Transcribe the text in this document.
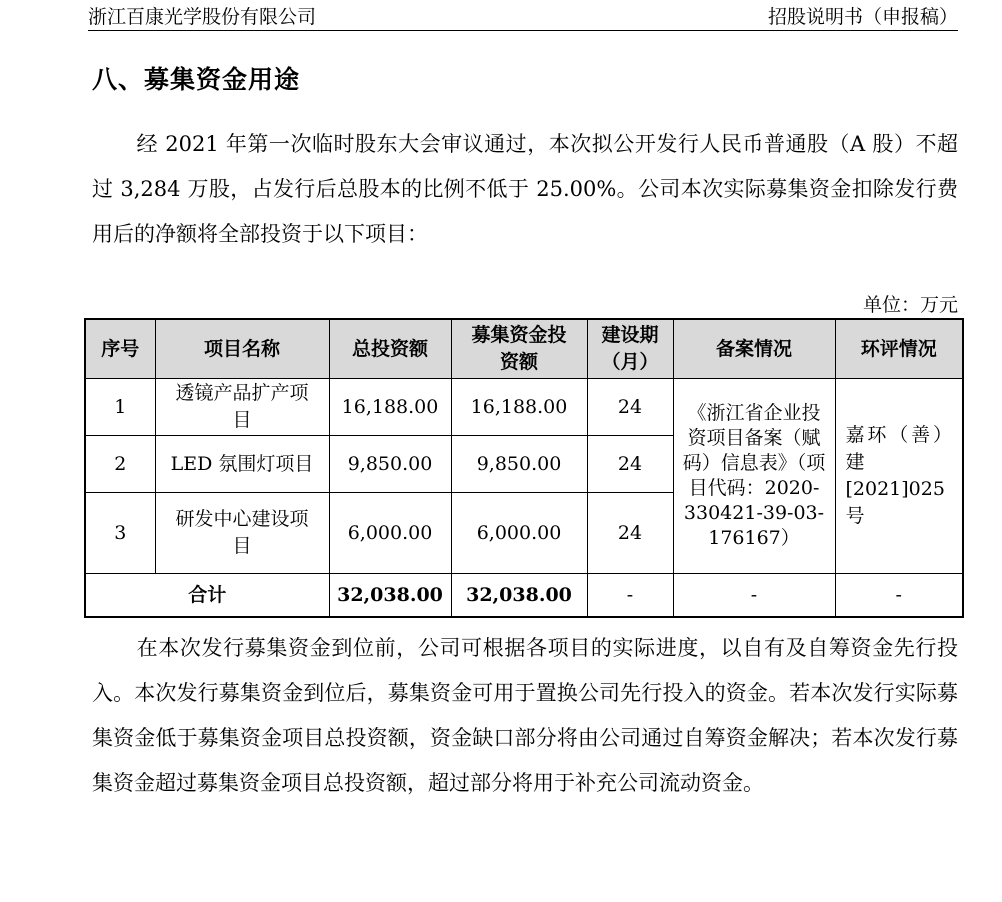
浙江百康光学股份有限公司	招股说明书（申报稿）
八、募集资金用途
经 2021 年第一次临时股东大会审议通过，本次拟公开发行人民币普通股（A 股）不超过 3,284 万股，占发行后总股本的比例不低于 25.00%。公司本次实际募集资金扣除发行费用后的净额将全部投资于以下项目：
单位：万元
序号	项目名称	总投资额	募集资金投资额	建设期（月）	备案情况	环评情况
1	透镜产品扩产项目	16,188.00	16,188.00	24	《浙江省企业投资项目备案（赋码）信息表》（项目代码：2020-330421-39-03-176167）	嘉环（善）建[2021]025号
2	LED 氛围灯项目	9,850.00	9,850.00	24		
3	研发中心建设项目	6,000.00	6,000.00	24		
合计		32,038.00	32,038.00	-	-	-
在本次发行募集资金到位前，公司可根据各项目的实际进度，以自有及自筹资金先行投入。本次发行募集资金到位后，募集资金可用于置换公司先行投入的资金。若本次发行实际募集资金低于募集资金项目总投资额，资金缺口部分将由公司通过自筹资金解决；若本次发行募集资金超过募集资金项目总投资额，超过部分将用于补充公司流动资金。
